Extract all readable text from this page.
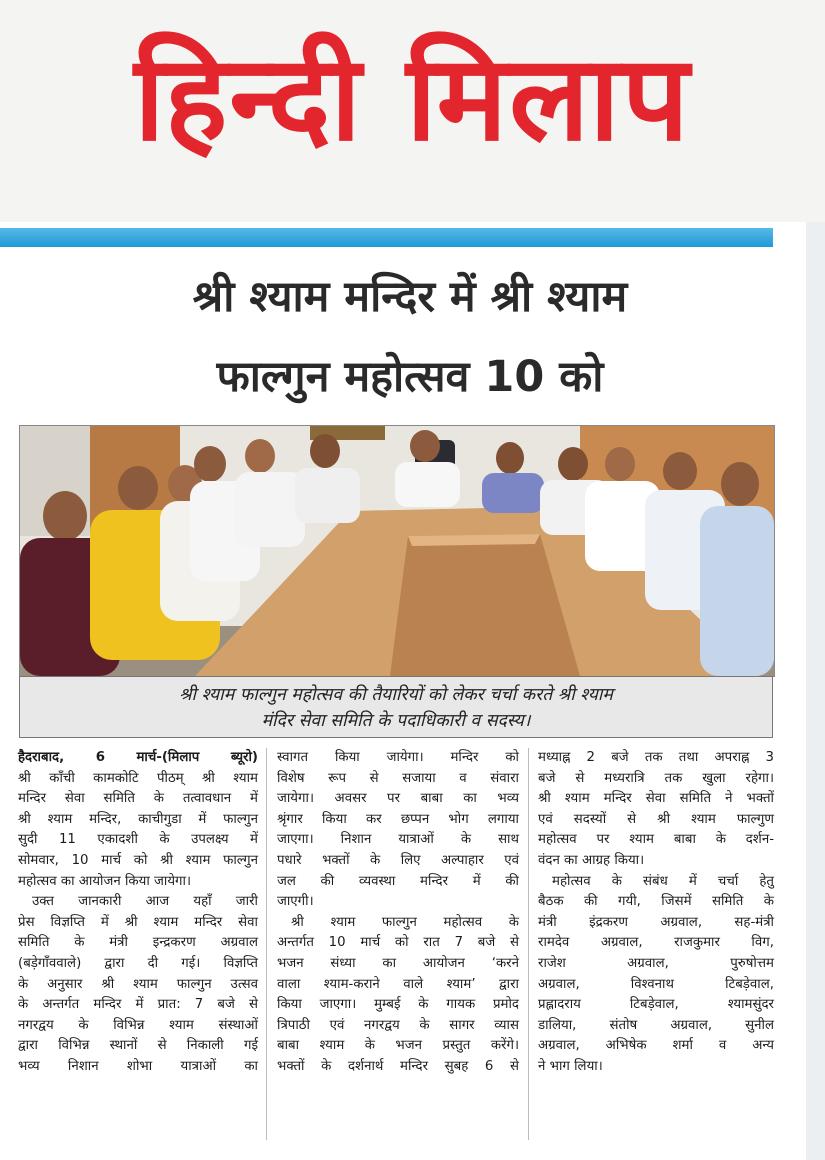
हिन्दी मिलाप
श्री श्याम मन्दिर में श्री श्याम
फाल्गुन महोत्सव 10 को
श्री श्याम फाल्गुन महोत्सव की तैयारियों को लेकर चर्चा करते श्री श्याम
मंदिर सेवा समिति के पदाधिकारी व सदस्य।
हैदराबाद, 6 मार्च-(मिलाप ब्यूरो)
श्री काँची कामकोटि पीठम् श्री श्याम
मन्दिर सेवा समिति के तत्वावधान में
श्री श्याम मन्दिर, काचीगुडा में फाल्गुन
सुदी 11 एकादशी के उपलक्ष्य में
सोमवार, 10 मार्च को श्री श्याम फाल्गुन
महोत्सव का आयोजन किया जायेगा।
उक्त जानकारी आज यहाँ जारी
प्रेस विज्ञप्ति में श्री श्याम मन्दिर सेवा
समिति के मंत्री इन्द्रकरण अग्रवाल
(बड़ेगाँववाले) द्वारा दी गई। विज्ञप्ति
के अनुसार श्री श्याम फाल्गुन उत्सव
के अन्तर्गत मन्दिर में प्रात: 7 बजे से
नगरद्वय के विभिन्न श्याम संस्थाओं
द्वारा विभिन्न स्थानों से निकाली गई
भव्य निशान शोभा यात्राओं का
स्वागत किया जायेगा। मन्दिर को
विशेष रूप से सजाया व संवारा
जायेगा। अवसर पर बाबा का भव्य
श्रृंगार किया कर छप्पन भोग लगाया
जाएगा। निशान यात्राओं के साथ
पधारे भक्तों के लिए अल्पाहार एवं
जल की व्यवस्था मन्दिर में की
जाएगी।
श्री श्याम फाल्गुन महोत्सव के
अन्तर्गत 10 मार्च को रात 7 बजे से
भजन संध्या का आयोजन ‘करने
वाला श्याम-कराने वाले श्याम’ द्वारा
किया जाएगा। मुम्बई के गायक प्रमोद
त्रिपाठी एवं नगरद्वय के सागर व्यास
बाबा श्याम के भजन प्रस्तुत करेंगे।
भक्तों के दर्शनार्थ मन्दिर सुबह 6 से
मध्याह्न 2 बजे तक तथा अपराह्न 3
बजे से मध्यरात्रि तक खुला रहेगा।
श्री श्याम मन्दिर सेवा समिति ने भक्तों
एवं सदस्यों से श्री श्याम फाल्गुण
महोत्सव पर श्याम बाबा के दर्शन-
वंदन का आग्रह किया।
महोत्सव के संबंध में चर्चा हेतु
बैठक की गयी, जिसमें समिति के
मंत्री इंद्रकरण अग्रवाल, सह-मंत्री
रामदेव अग्रवाल, राजकुमार विग,
राजेश अग्रवाल, पुरुषोत्तम
अग्रवाल, विश्वनाथ टिबड़ेवाल,
प्रह्लादराय टिबड़ेवाल, श्यामसुंदर
डालिया, संतोष अग्रवाल, सुनील
अग्रवाल, अभिषेक शर्मा व अन्य
ने भाग लिया।
